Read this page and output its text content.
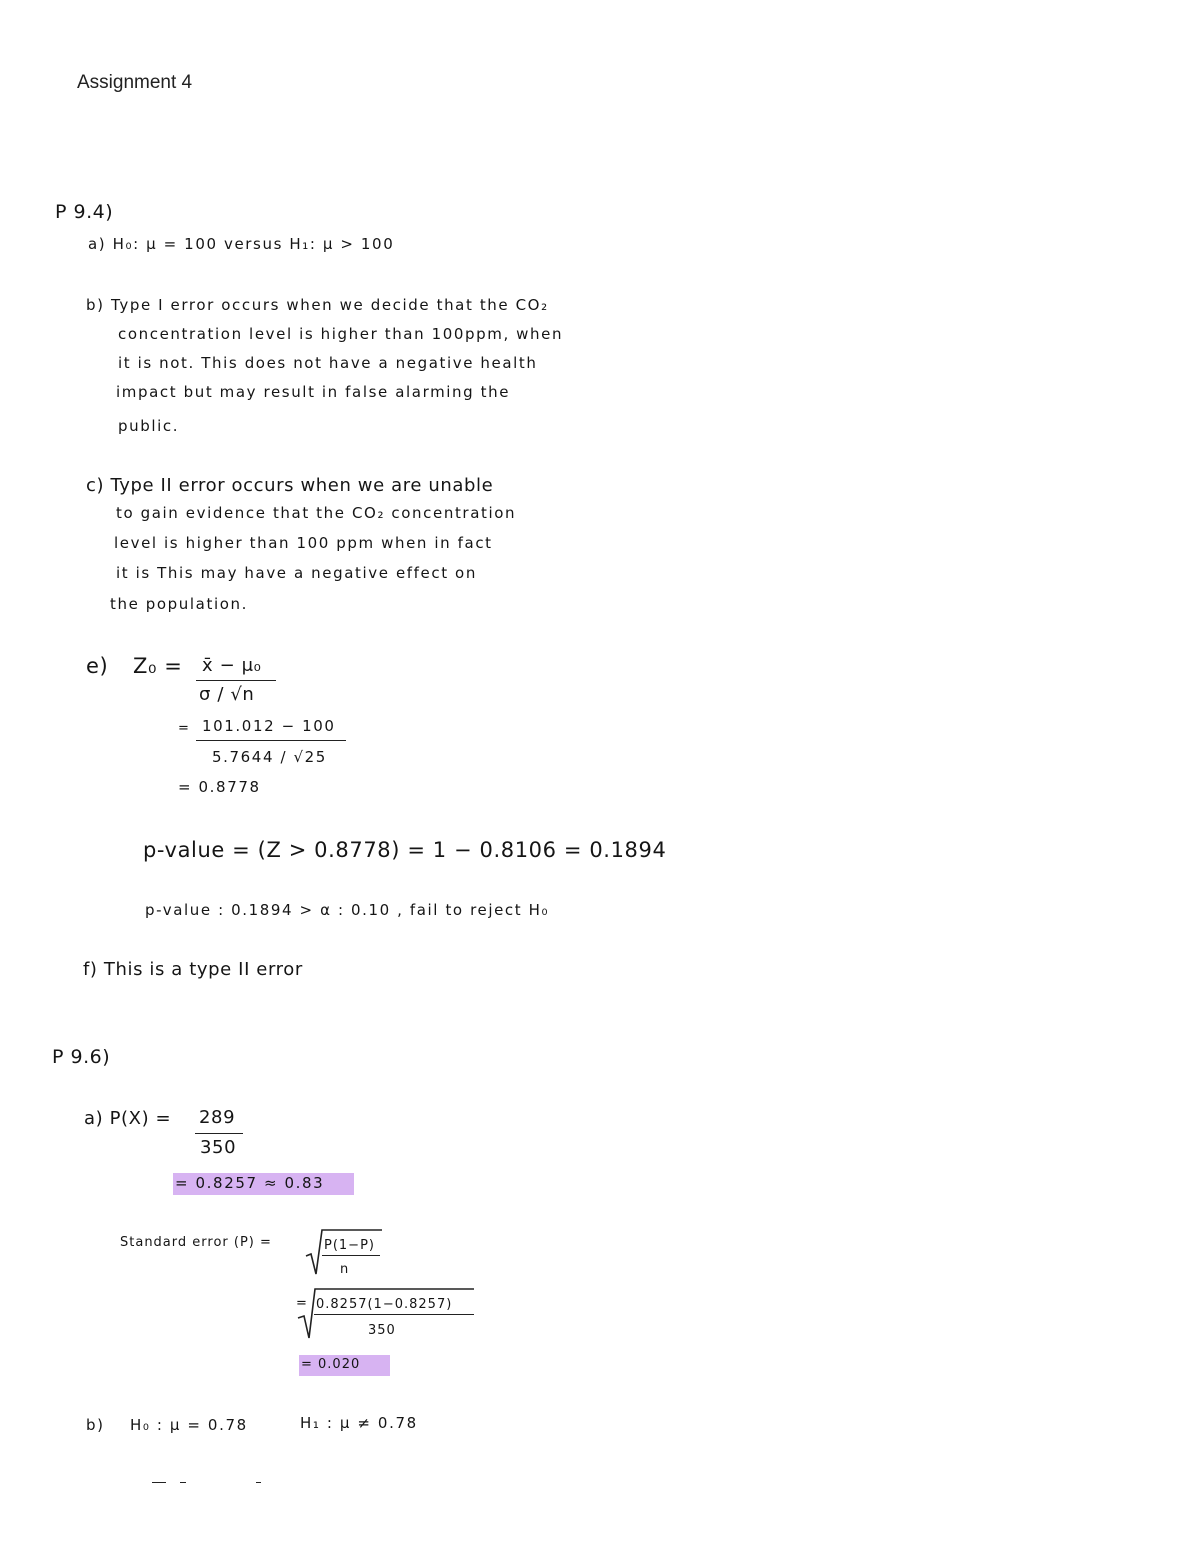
Assignment 4
P 9.4)
a) H₀: μ = 100 versus H₁: μ > 100
b) Type I error occurs when we decide that the CO₂
concentration level is higher than 100ppm, when
it is not. This does not have a negative health
impact but may result in false alarming the
public.
c) Type II error occurs when we are unable
to gain evidence that the CO₂ concentration
level is higher than 100 ppm when in fact
it is This may have a negative effect on
the population.
e) Z₀ = x̄ − μ₀
σ / √n
= 101.012 − 100
5.7644 / √25
= 0.8778
p-value = (Z > 0.8778) = 1 − 0.8106 = 0.1894
p-value : 0.1894 > α : 0.10 , fail to reject H₀
f) This is a type II error
P 9.6)
a) P(X) = 289
350
= 0.8257 ≈ 0.83
Standard error (P) =	P(1−P)
n
= 0.8257(1−0.8257)
350
= 0.020
b) H₀ : μ = 0.78	H₁ : μ ≠ 0.78
